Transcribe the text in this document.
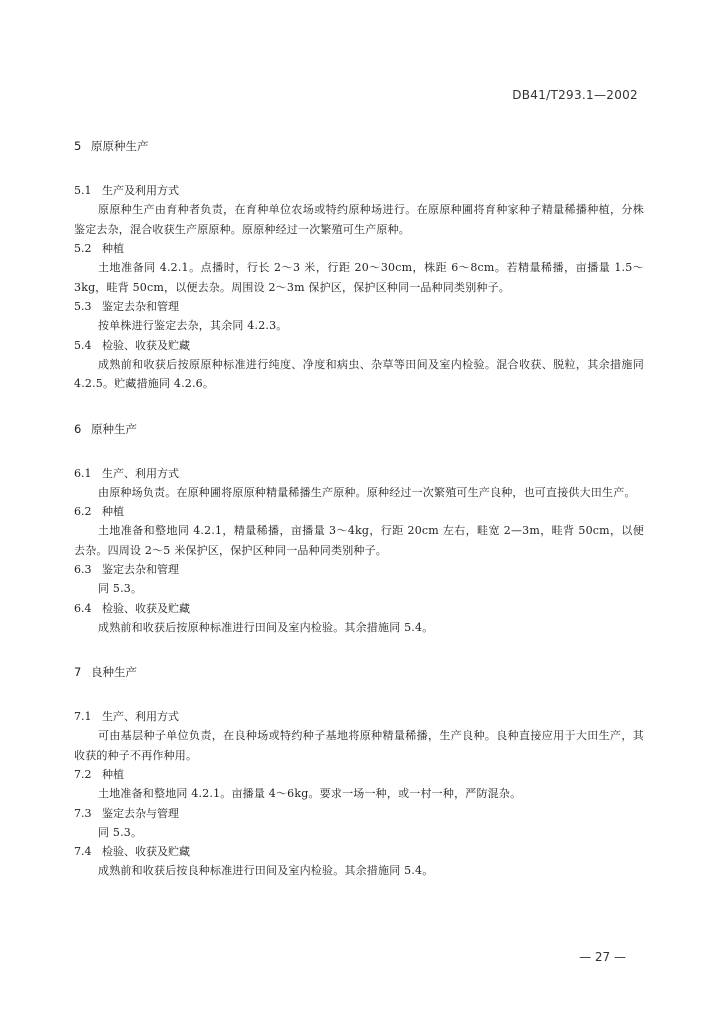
DB41/T293.1—2002
5 原原种生产
5.1 生产及利用方式

原原种生产由育种者负责，在育种单位农场或特约原种场进行。在原原种圃将育种家种子精量稀播种植，分株鉴定去杂，混合收获生产原原种。原原种经过一次繁殖可生产原种。

5.2 种植

土地准备同 4.2.1。点播时，行长 2～3 米，行距 20～30cm，株距 6～8cm。若精量稀播，亩播量 1.5～3kg，畦背 50cm，以便去杂。周围设 2～3m 保护区，保护区种同一品种同类别种子。

5.3 鉴定去杂和管理

按单株进行鉴定去杂，其余同 4.2.3。

5.4 检验、收获及贮藏

成熟前和收获后按原原种标准进行纯度、净度和病虫、杂草等田间及室内检验。混合收获、脱粒，其余措施同 4.2.5。贮藏措施同 4.2.6。

6 原种生产
6.1 生产、利用方式

由原种场负责。在原种圃将原原种精量稀播生产原种。原种经过一次繁殖可生产良种，也可直接供大田生产。

6.2 种植

土地准备和整地同 4.2.1，精量稀播，亩播量 3～4kg，行距 20cm 左右，畦宽 2—3m，畦背 50cm，以便去杂。四周设 2～5 米保护区，保护区种同一品种同类别种子。

6.3 鉴定去杂和管理

同 5.3。

6.4 检验、收获及贮藏

成熟前和收获后按原种标准进行田间及室内检验。其余措施同 5.4。

7 良种生产
7.1 生产、利用方式

可由基层种子单位负责，在良种场或特约种子基地将原种精量稀播，生产良种。良种直接应用于大田生产，其收获的种子不再作种用。

7.2 种植

土地准备和整地同 4.2.1。亩播量 4～6kg。要求一场一种，或一村一种，严防混杂。

7.3 鉴定去杂与管理

同 5.3。

7.4 检验、收获及贮藏

成熟前和收获后按良种标准进行田间及室内检验。其余措施同 5.4。

— 27 —
